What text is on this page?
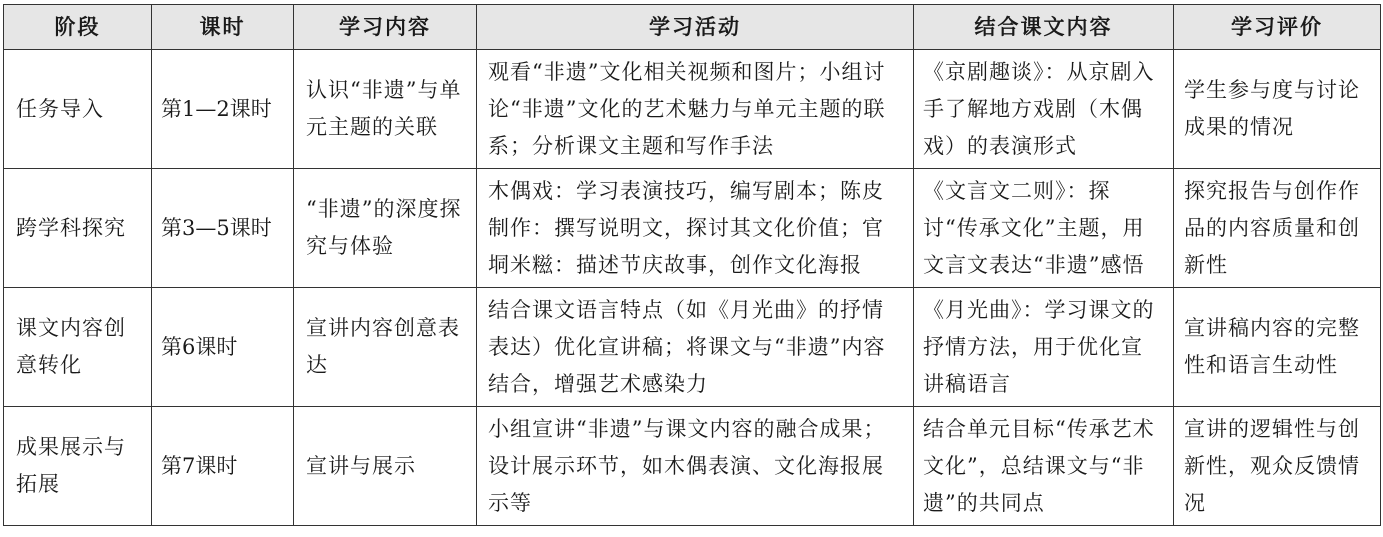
阶段	课时	学习内容	学习活动	结合课文内容	学习评价
任务导入	第1—2课时	认识“非遗”与单元主题的关联	观看“非遗”文化相关视频和图片；小组讨论“非遗”文化的艺术魅力与单元主题的联系；分析课文主题和写作手法	《京剧趣谈》：从京剧入手了解地方戏剧（木偶戏）的表演形式	学生参与度与讨论成果的情况
跨学科探究	第3—5课时	“非遗”的深度探究与体验	木偶戏：学习表演技巧，编写剧本；陈皮制作：撰写说明文，探讨其文化价值；官垌米糍：描述节庆故事，创作文化海报	《文言文二则》：探讨“传承文化”主题，用文言文表达“非遗”感悟	探究报告与创作作品的内容质量和创新性
课文内容创意转化	第6课时	宣讲内容创意表达	结合课文语言特点（如《月光曲》的抒情表达）优化宣讲稿；将课文与“非遗”内容结合，增强艺术感染力	《月光曲》：学习课文的抒情方法，用于优化宣讲稿语言	宣讲稿内容的完整性和语言生动性
成果展示与拓展	第7课时	宣讲与展示	小组宣讲“非遗”与课文内容的融合成果；设计展示环节，如木偶表演、文化海报展示等	结合单元目标“传承艺术文化”，总结课文与“非遗”的共同点	宣讲的逻辑性与创新性，观众反馈情况
